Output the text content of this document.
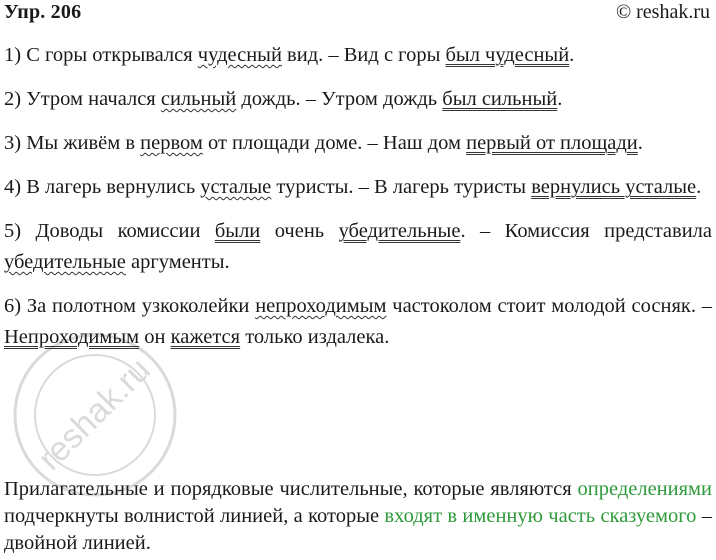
Упр. 206	© reshak.ru
reshak.ru

1) С горы открывался чудесный вид. – Вид с горы был чудесный.

2) Утром начался сильный дождь. – Утром дождь был сильный.

3) Мы живём в первом от площади доме. – Наш дом первый от площади.

4) В лагерь вернулись усталые туристы. – В лагерь туристы вернулись усталые.

5) Доводы комиссии были очень убедительные. – Комиссия представила убедительные аргументы.

6) За полотном узкоколейки непроходимым частоколом стоит молодой сосняк. – Непроходимым он кажется только издалека.

Прилагательные и порядковые числительные, которые являются определениями подчеркнуты волнистой линией, а которые входят в именную часть сказуемого – двойной линией.
